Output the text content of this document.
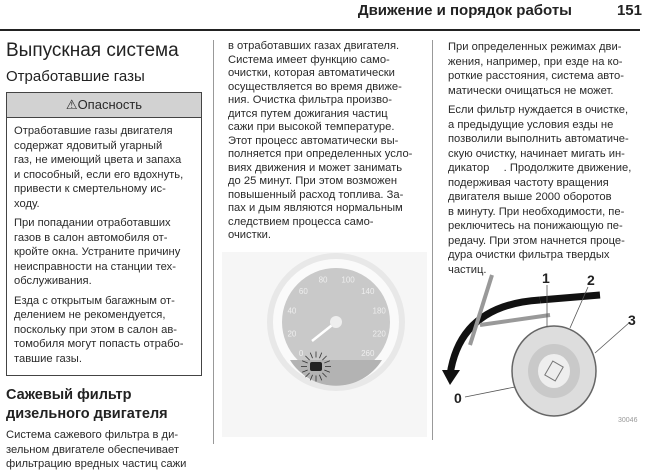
Движение и порядок работы	151
Выпускная система
Отработавшие газы
⚠Опасность
Отработавшие газы двигателя
содержат ядовитый угарный
газ, не имеющий цвета и запаха
и способный, если его вдохнуть,
привести к смертельному ис-
ходу.
При попадании отработавших
газов в салон автомобиля от-
кройте окна. Устраните причину
неисправности на станции тех-
обслуживания.
Езда с открытым багажным от-
делением не рекомендуется,
поскольку при этом в салон ав-
томобиля могут попасть отрабо-
тавшие газы.
Сажевый фильтр
дизельного двигателя
Система сажевого фильтра в ди-
зельном двигателе обеспечивает
фильтрацию вредных частиц сажи
в отработавших газах двигателя.
Система имеет функцию само-
очистки, которая автоматически
осуществляется во время движе-
ния. Очистка фильтра произво-
дится путем дожигания частиц
сажи при высокой температуре.
Этот процесс автоматически вы-
полняется при определенных усло-
виях движения и может занимать
до 25 минут. При этом возможен
повышенный расход топлива. За-
пах и дым являются нормальным
следствием процесса само-
очистки.
0
20
40
60
80 100
140
180
220
260
При определенных режимах дви-
жения, например, при езде на ко-
роткие расстояния, система авто-
матически очищаться не может.
Если фильтр нуждается в очистке,
а предыдущие условия езды не
позволили выполнить автоматиче-
скую очистку, начинает мигать ин-
дикатор  . Продолжите движение,
подерживая частоту вращения
двигателя выше 2000 оборотов
в минуту. При необходимости, пе-
реключитесь на понижающую пе-
редачу. При этом начнется проце-
дура очистки фильтра твердых
частиц.
0
1	2
3
30046
